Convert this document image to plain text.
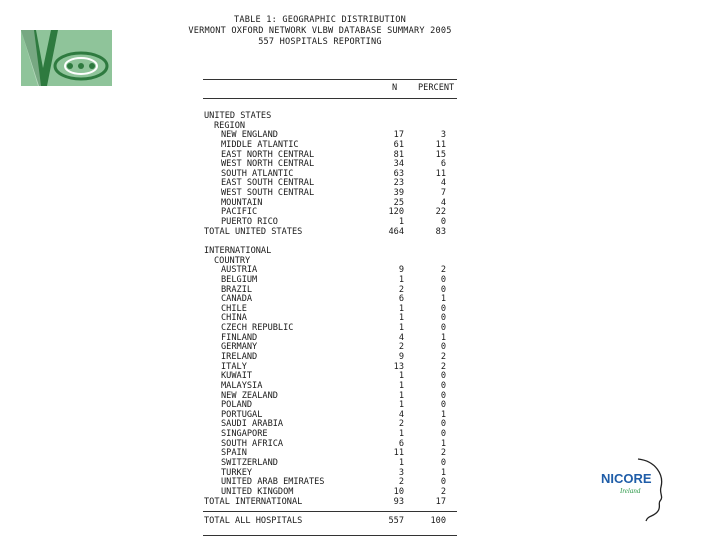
TABLE 1: GEOGRAPHIC DISTRIBUTION
VERMONT OXFORD NETWORK VLBW DATABASE SUMMARY 2005
557 HOSPITALS REPORTING
N PERCENT
UNITED STATES
REGION
NEW ENGLAND	17	3
MIDDLE ATLANTIC	61	11
EAST NORTH CENTRAL	81	15
WEST NORTH CENTRAL	34	6
SOUTH ATLANTIC	63	11
EAST SOUTH CENTRAL	23	4
WEST SOUTH CENTRAL	39	7
MOUNTAIN	25	4
PACIFIC	120	22
PUERTO RICO	1	0
TOTAL UNITED STATES	464	83
INTERNATIONAL
COUNTRY
AUSTRIA	9	2
BELGIUM	1	0
BRAZIL	2	0
CANADA	6	1
CHILE	1	0
CHINA	1	0
CZECH REPUBLIC	1	0
FINLAND	4	1
GERMANY	2	0
IRELAND	9	2
ITALY	13	2
KUWAIT	1	0
MALAYSIA	1	0
NEW ZEALAND	1	0
POLAND	1	0
PORTUGAL	4	1
SAUDI ARABIA	2	0
SINGAPORE	1	0
SOUTH AFRICA	6	1
SPAIN	11	2
SWITZERLAND	1	0
TURKEY	3	1
UNITED ARAB EMIRATES	2	0
UNITED KINGDOM	10	2
TOTAL INTERNATIONAL	93	17
TOTAL ALL HOSPITALS	557	100
NICORE
Ireland
